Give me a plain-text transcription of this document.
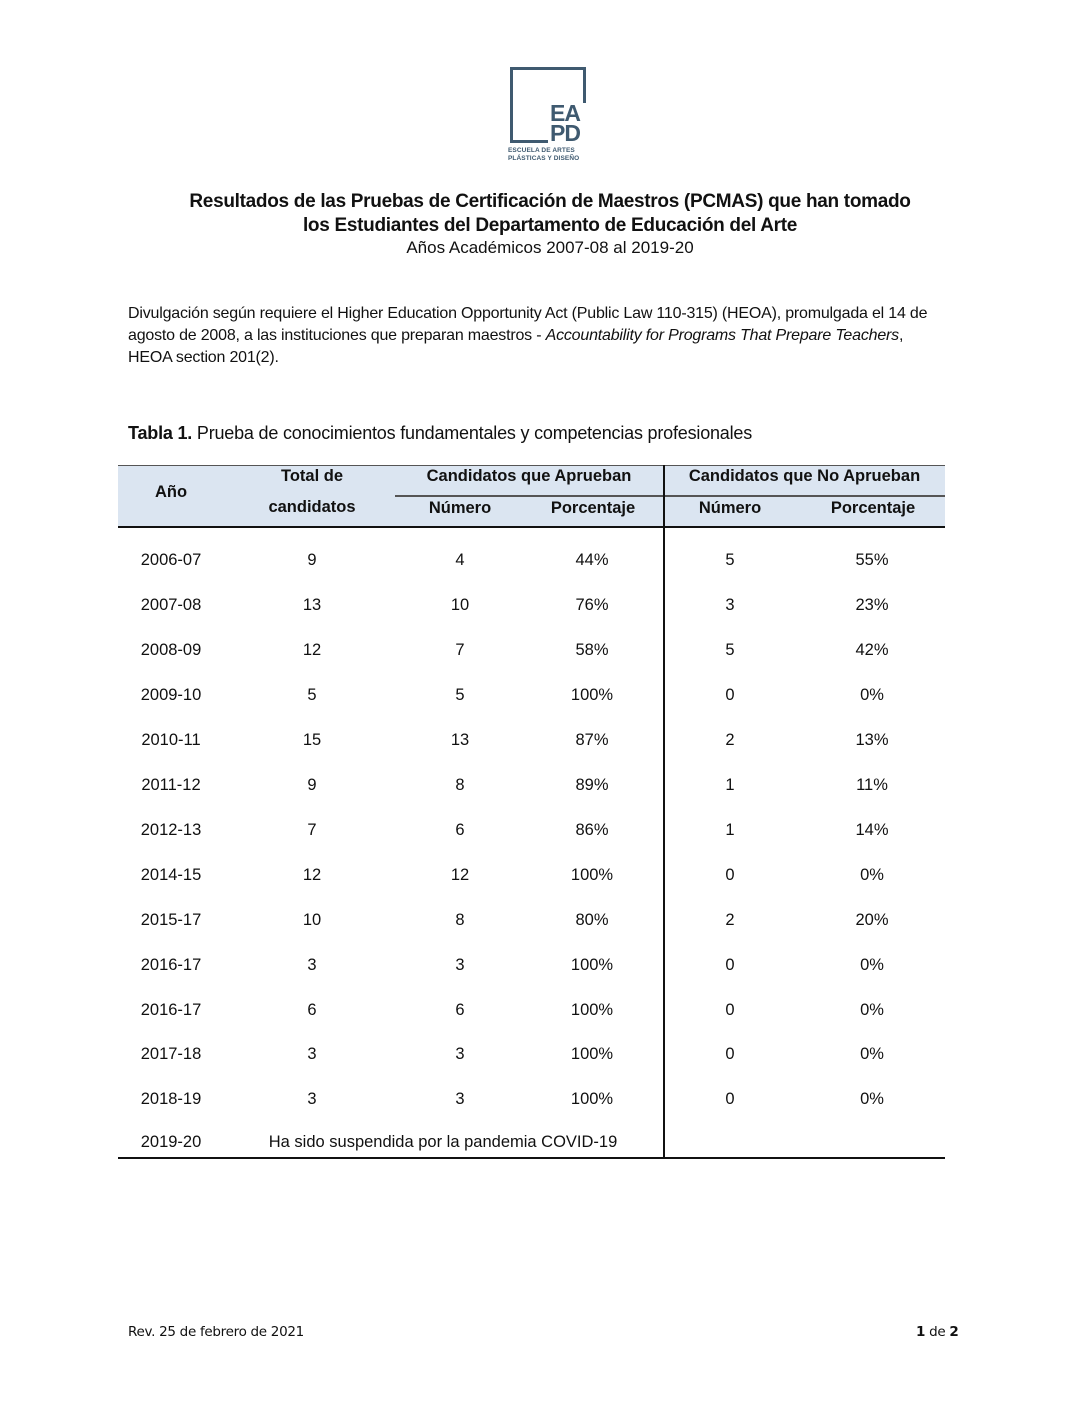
EA
PD
ESCUELA DE ARTES
PLÁSTICAS Y DISEÑO
Resultados de las Pruebas de Certificación de Maestros (PCMAS) que han tomado
los Estudiantes del Departamento de Educación del Arte
Años Académicos 2007-08 al 2019-20
Divulgación según requiere el Higher Education Opportunity Act (Public Law 110-315) (HEOA), promulgada el 14 de agosto de 2008, a las instituciones que preparan maestros - Accountability for Programs That Prepare Teachers, HEOA section 201(2).
Tabla 1. Prueba de conocimientos fundamentales y competencias profesionales
Año
Total de
candidatos
Candidatos que Aprueban	Candidatos que No Aprueban
Número	Porcentaje	Número	Porcentaje
2006-07	9	4	44%	5	55%
2007-08	13	10	76%	3	23%
2008-09	12	7	58%	5	42%
2009-10	5	5	100%	0	0%
2010-11	15	13	87%	2	13%
2011-12	9	8	89%	1	11%
2012-13	7	6	86%	1	14%
2014-15	12	12	100%	0	0%
2015-17	10	8	80%	2	20%
2016-17	3	3	100%	0	0%
2016-17	6	6	100%	0	0%
2017-18	3	3	100%	0	0%
2018-19	3	3	100%	0	0%
2019-20	Ha sido suspendida por la pandemia COVID-19
Rev. 25 de febrero de 2021	1 de 2
